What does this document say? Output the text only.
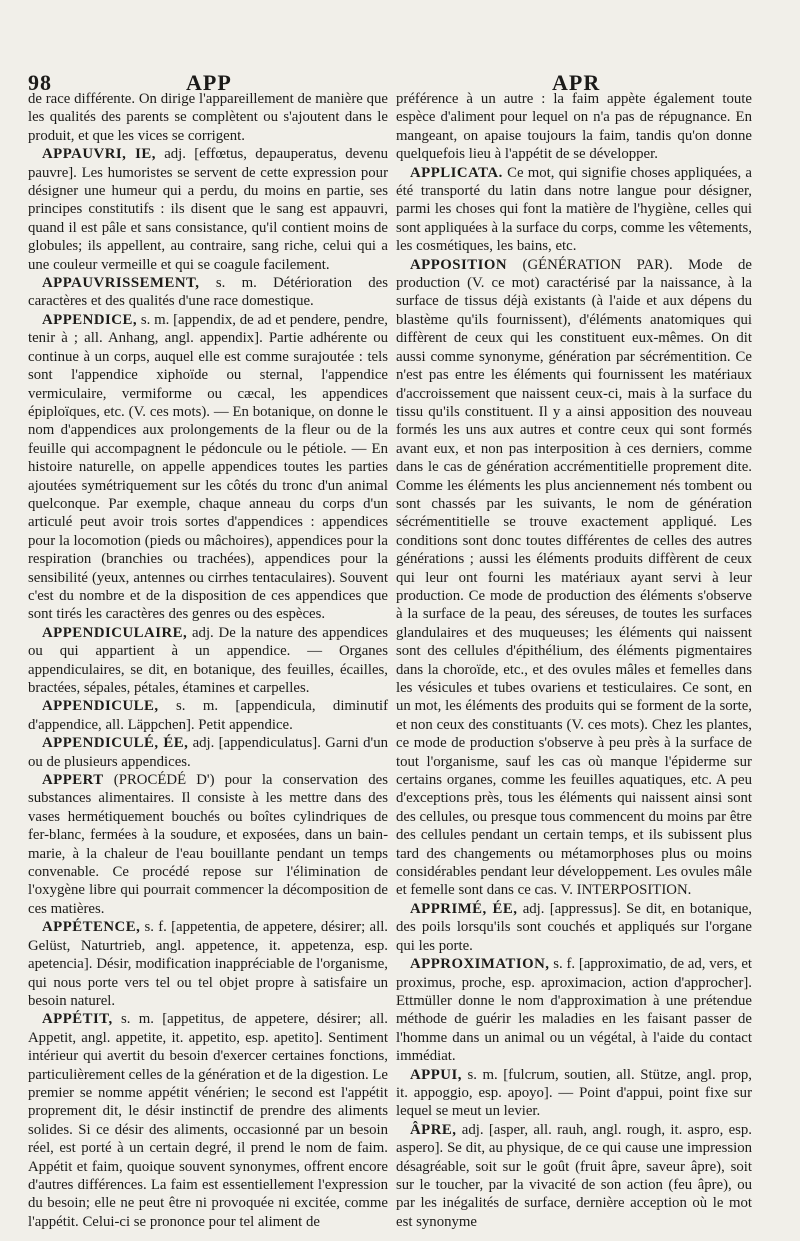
98	APP	APR

de race différente. On dirige l'appareillement de manière que les qualités des parents se complètent ou s'ajoutent dans le produit, et que les vices se corrigent.

APPAUVRI, IE, adj. [effœtus, depauperatus, devenu pauvre]. Les humoristes se servent de cette expression pour désigner une humeur qui a perdu, du moins en partie, ses principes constitutifs : ils disent que le sang est appauvri, quand il est pâle et sans consistance, qu'il contient moins de globules; ils appellent, au contraire, sang riche, celui qui a une couleur vermeille et qui se coagule facilement.

APPAUVRISSEMENT, s. m. Détérioration des caractères et des qualités d'une race domestique.

APPENDICE, s. m. [appendix, de ad et pendere, pendre, tenir à ; all. Anhang, angl. appendix]. Partie adhérente ou continue à un corps, auquel elle est comme surajoutée : tels sont l'appendice xiphoïde ou sternal, l'appendice vermiculaire, vermiforme ou cæcal, les appendices épiploïques, etc. (V. ces mots). — En botanique, on donne le nom d'appendices aux prolongements de la fleur ou de la feuille qui accompagnent le pédoncule ou le pétiole. — En histoire naturelle, on appelle appendices toutes les parties ajoutées symétriquement sur les côtés du tronc d'un animal quelconque. Par exemple, chaque anneau du corps d'un articulé peut avoir trois sortes d'appendices : appendices pour la locomotion (pieds ou mâchoires), appendices pour la respiration (branchies ou trachées), appendices pour la sensibilité (yeux, antennes ou cirrhes tentaculaires). Souvent c'est du nombre et de la disposition de ces appendices que sont tirés les caractères des genres ou des espèces.

APPENDICULAIRE, adj. De la nature des appendices ou qui appartient à un appendice. — Organes appendiculaires, se dit, en botanique, des feuilles, écailles, bractées, sépales, pétales, étamines et carpelles.

APPENDICULE, s. m. [appendicula, diminutif d'appendice, all. Läppchen]. Petit appendice.

APPENDICULÉ, ÉE, adj. [appendiculatus]. Garni d'un ou de plusieurs appendices.

APPERT (PROCÉDÉ D') pour la conservation des substances alimentaires. Il consiste à les mettre dans des vases hermétiquement bouchés ou boîtes cylindriques de fer-blanc, fermées à la soudure, et exposées, dans un bain-marie, à la chaleur de l'eau bouillante pendant un temps convenable. Ce procédé repose sur l'élimination de l'oxygène libre qui pourrait commencer la décomposition de ces matières.

APPÉTENCE, s. f. [appetentia, de appetere, désirer; all. Gelüst, Naturtrieb, angl. appetence, it. appetenza, esp. apetencia]. Désir, modification inappréciable de l'organisme, qui nous porte vers tel ou tel objet propre à satisfaire un besoin naturel.

APPÉTIT, s. m. [appetitus, de appetere, désirer; all. Appetit, angl. appetite, it. appetito, esp. apetito]. Sentiment intérieur qui avertit du besoin d'exercer certaines fonctions, particulièrement celles de la génération et de la digestion. Le premier se nomme appétit vénérien; le second est l'appétit proprement dit, le désir instinctif de prendre des aliments solides. Si ce désir des aliments, occasionné par un besoin réel, est porté à un certain degré, il prend le nom de faim. Appétit et faim, quoique souvent synonymes, offrent encore d'autres différences. La faim est essentiellement l'expression du besoin; elle ne peut être ni provoquée ni excitée, comme l'appétit. Celui-ci se prononce pour tel aliment de

préférence à un autre : la faim appète également toute espèce d'aliment pour lequel on n'a pas de répugnance. En mangeant, on apaise toujours la faim, tandis qu'on donne quelquefois lieu à l'appétit de se développer.

APPLICATA. Ce mot, qui signifie choses appliquées, a été transporté du latin dans notre langue pour désigner, parmi les choses qui font la matière de l'hygiène, celles qui sont appliquées à la surface du corps, comme les vêtements, les cosmétiques, les bains, etc.

APPOSITION (GÉNÉRATION PAR). Mode de production (V. ce mot) caractérisé par la naissance, à la surface de tissus déjà existants (à l'aide et aux dépens du blastème qu'ils fournissent), d'éléments anatomiques qui diffèrent de ceux qui les constituent eux-mêmes. On dit aussi comme synonyme, génération par sécrémentition. Ce n'est pas entre les éléments qui fournissent les matériaux d'accroissement que naissent ceux-ci, mais à la surface du tissu qu'ils constituent. Il y a ainsi apposition des nouveau formés les uns aux autres et contre ceux qui sont formés avant eux, et non pas interposition à ces derniers, comme dans le cas de génération accrémentitielle proprement dite. Comme les éléments les plus anciennement nés tombent ou sont chassés par les suivants, le nom de génération sécrémentitielle se trouve exactement appliqué. Les conditions sont donc toutes différentes de celles des autres générations ; aussi les éléments produits diffèrent de ceux qui leur ont fourni les matériaux ayant servi à leur production. Ce mode de production des éléments s'observe à la surface de la peau, des séreuses, de toutes les surfaces glandulaires et des muqueuses; les éléments qui naissent sont des cellules d'épithélium, des éléments pigmentaires dans la choroïde, etc., et des ovules mâles et femelles dans les vésicules et tubes ovariens et testiculaires. Ce sont, en un mot, les éléments des produits qui se forment de la sorte, et non ceux des constituants (V. ces mots). Chez les plantes, ce mode de production s'observe à peu près à la surface de tout l'organisme, sauf les cas où manque l'épiderme sur certains organes, comme les feuilles aquatiques, etc. A peu d'exceptions près, tous les éléments qui naissent ainsi sont des cellules, ou presque tous commencent du moins par être des cellules pendant un certain temps, et ils subissent plus tard des changements ou métamorphoses plus ou moins considérables pendant leur développement. Les ovules mâle et femelle sont dans ce cas. V. INTERPOSITION.

APPRIMÉ, ÉE, adj. [appressus]. Se dit, en botanique, des poils lorsqu'ils sont couchés et appliqués sur l'organe qui les porte.

APPROXIMATION, s. f. [approximatio, de ad, vers, et proximus, proche, esp. aproximacion, action d'approcher]. Ettmüller donne le nom d'approximation à une prétendue méthode de guérir les maladies en les faisant passer de l'homme dans un animal ou un végétal, à l'aide du contact immédiat.

APPUI, s. m. [fulcrum, soutien, all. Stütze, angl. prop, it. appoggio, esp. apoyo]. — Point d'appui, point fixe sur lequel se meut un levier.

ÂPRE, adj. [asper, all. rauh, angl. rough, it. aspro, esp. aspero]. Se dit, au physique, de ce qui cause une impression désagréable, soit sur le goût (fruit âpre, saveur âpre), soit sur le toucher, par la vivacité de son action (feu âpre), ou par les inégalités de surface, dernière acception où le mot est synonyme
